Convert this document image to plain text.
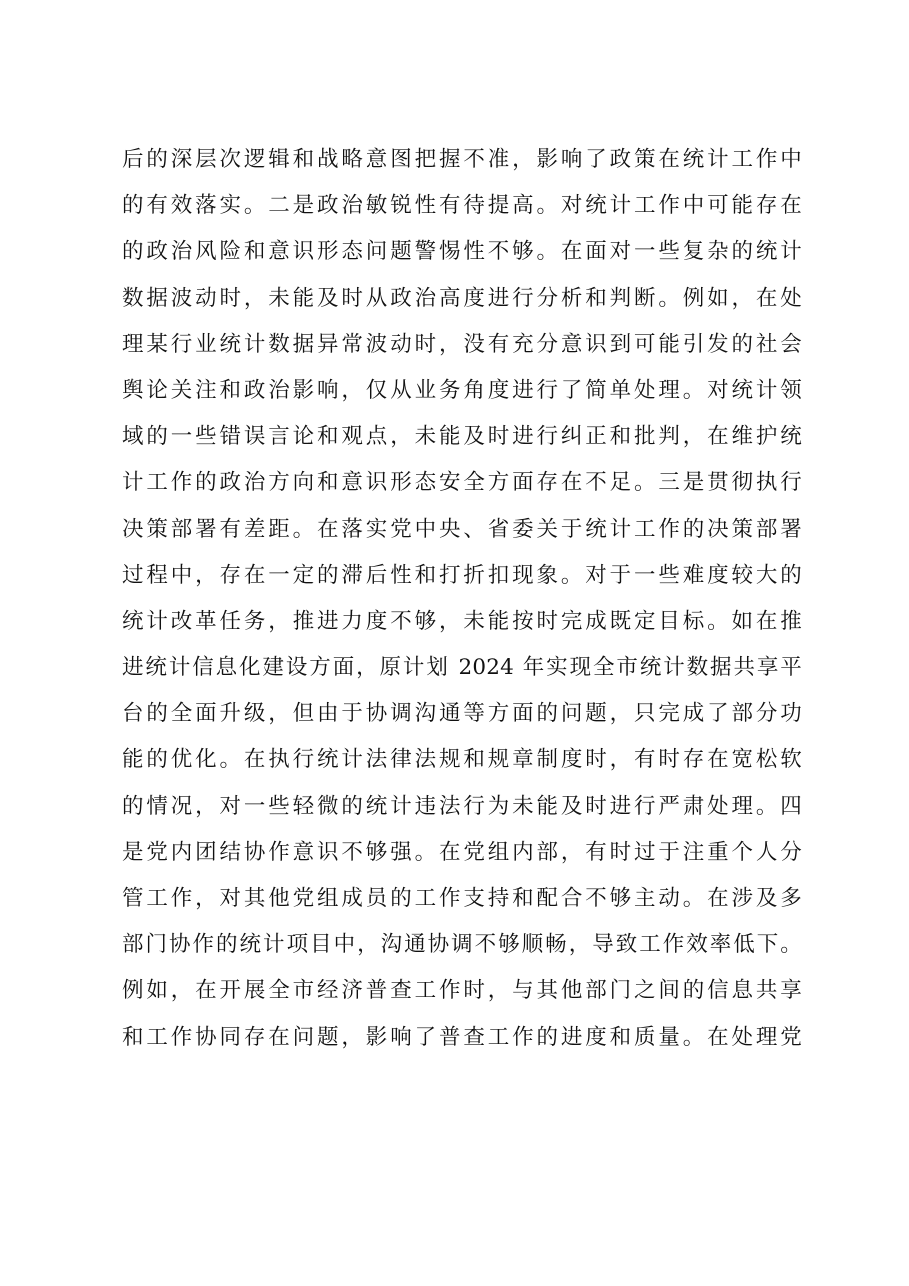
后的深层次逻辑和战略意图把握不准，影响了政策在统计工作中
的有效落实。二是政治敏锐性有待提高。对统计工作中可能存在
的政治风险和意识形态问题警惕性不够。在面对一些复杂的统计
数据波动时，未能及时从政治高度进行分析和判断。例如，在处
理某行业统计数据异常波动时，没有充分意识到可能引发的社会
舆论关注和政治影响，仅从业务角度进行了简单处理。对统计领
域的一些错误言论和观点，未能及时进行纠正和批判，在维护统
计工作的政治方向和意识形态安全方面存在不足。三是贯彻执行
决策部署有差距。在落实党中央、省委关于统计工作的决策部署
过程中，存在一定的滞后性和打折扣现象。对于一些难度较大的
统计改革任务，推进力度不够，未能按时完成既定目标。如在推
进统计信息化建设方面，原计划 2024 年实现全市统计数据共享平
台的全面升级，但由于协调沟通等方面的问题，只完成了部分功
能的优化。在执行统计法律法规和规章制度时，有时存在宽松软
的情况，对一些轻微的统计违法行为未能及时进行严肃处理。四
是党内团结协作意识不够强。在党组内部，有时过于注重个人分
管工作，对其他党组成员的工作支持和配合不够主动。在涉及多
部门协作的统计项目中，沟通协调不够顺畅，导致工作效率低下。
例如，在开展全市经济普查工作时，与其他部门之间的信息共享
和工作协同存在问题，影响了普查工作的进度和质量。在处理党
